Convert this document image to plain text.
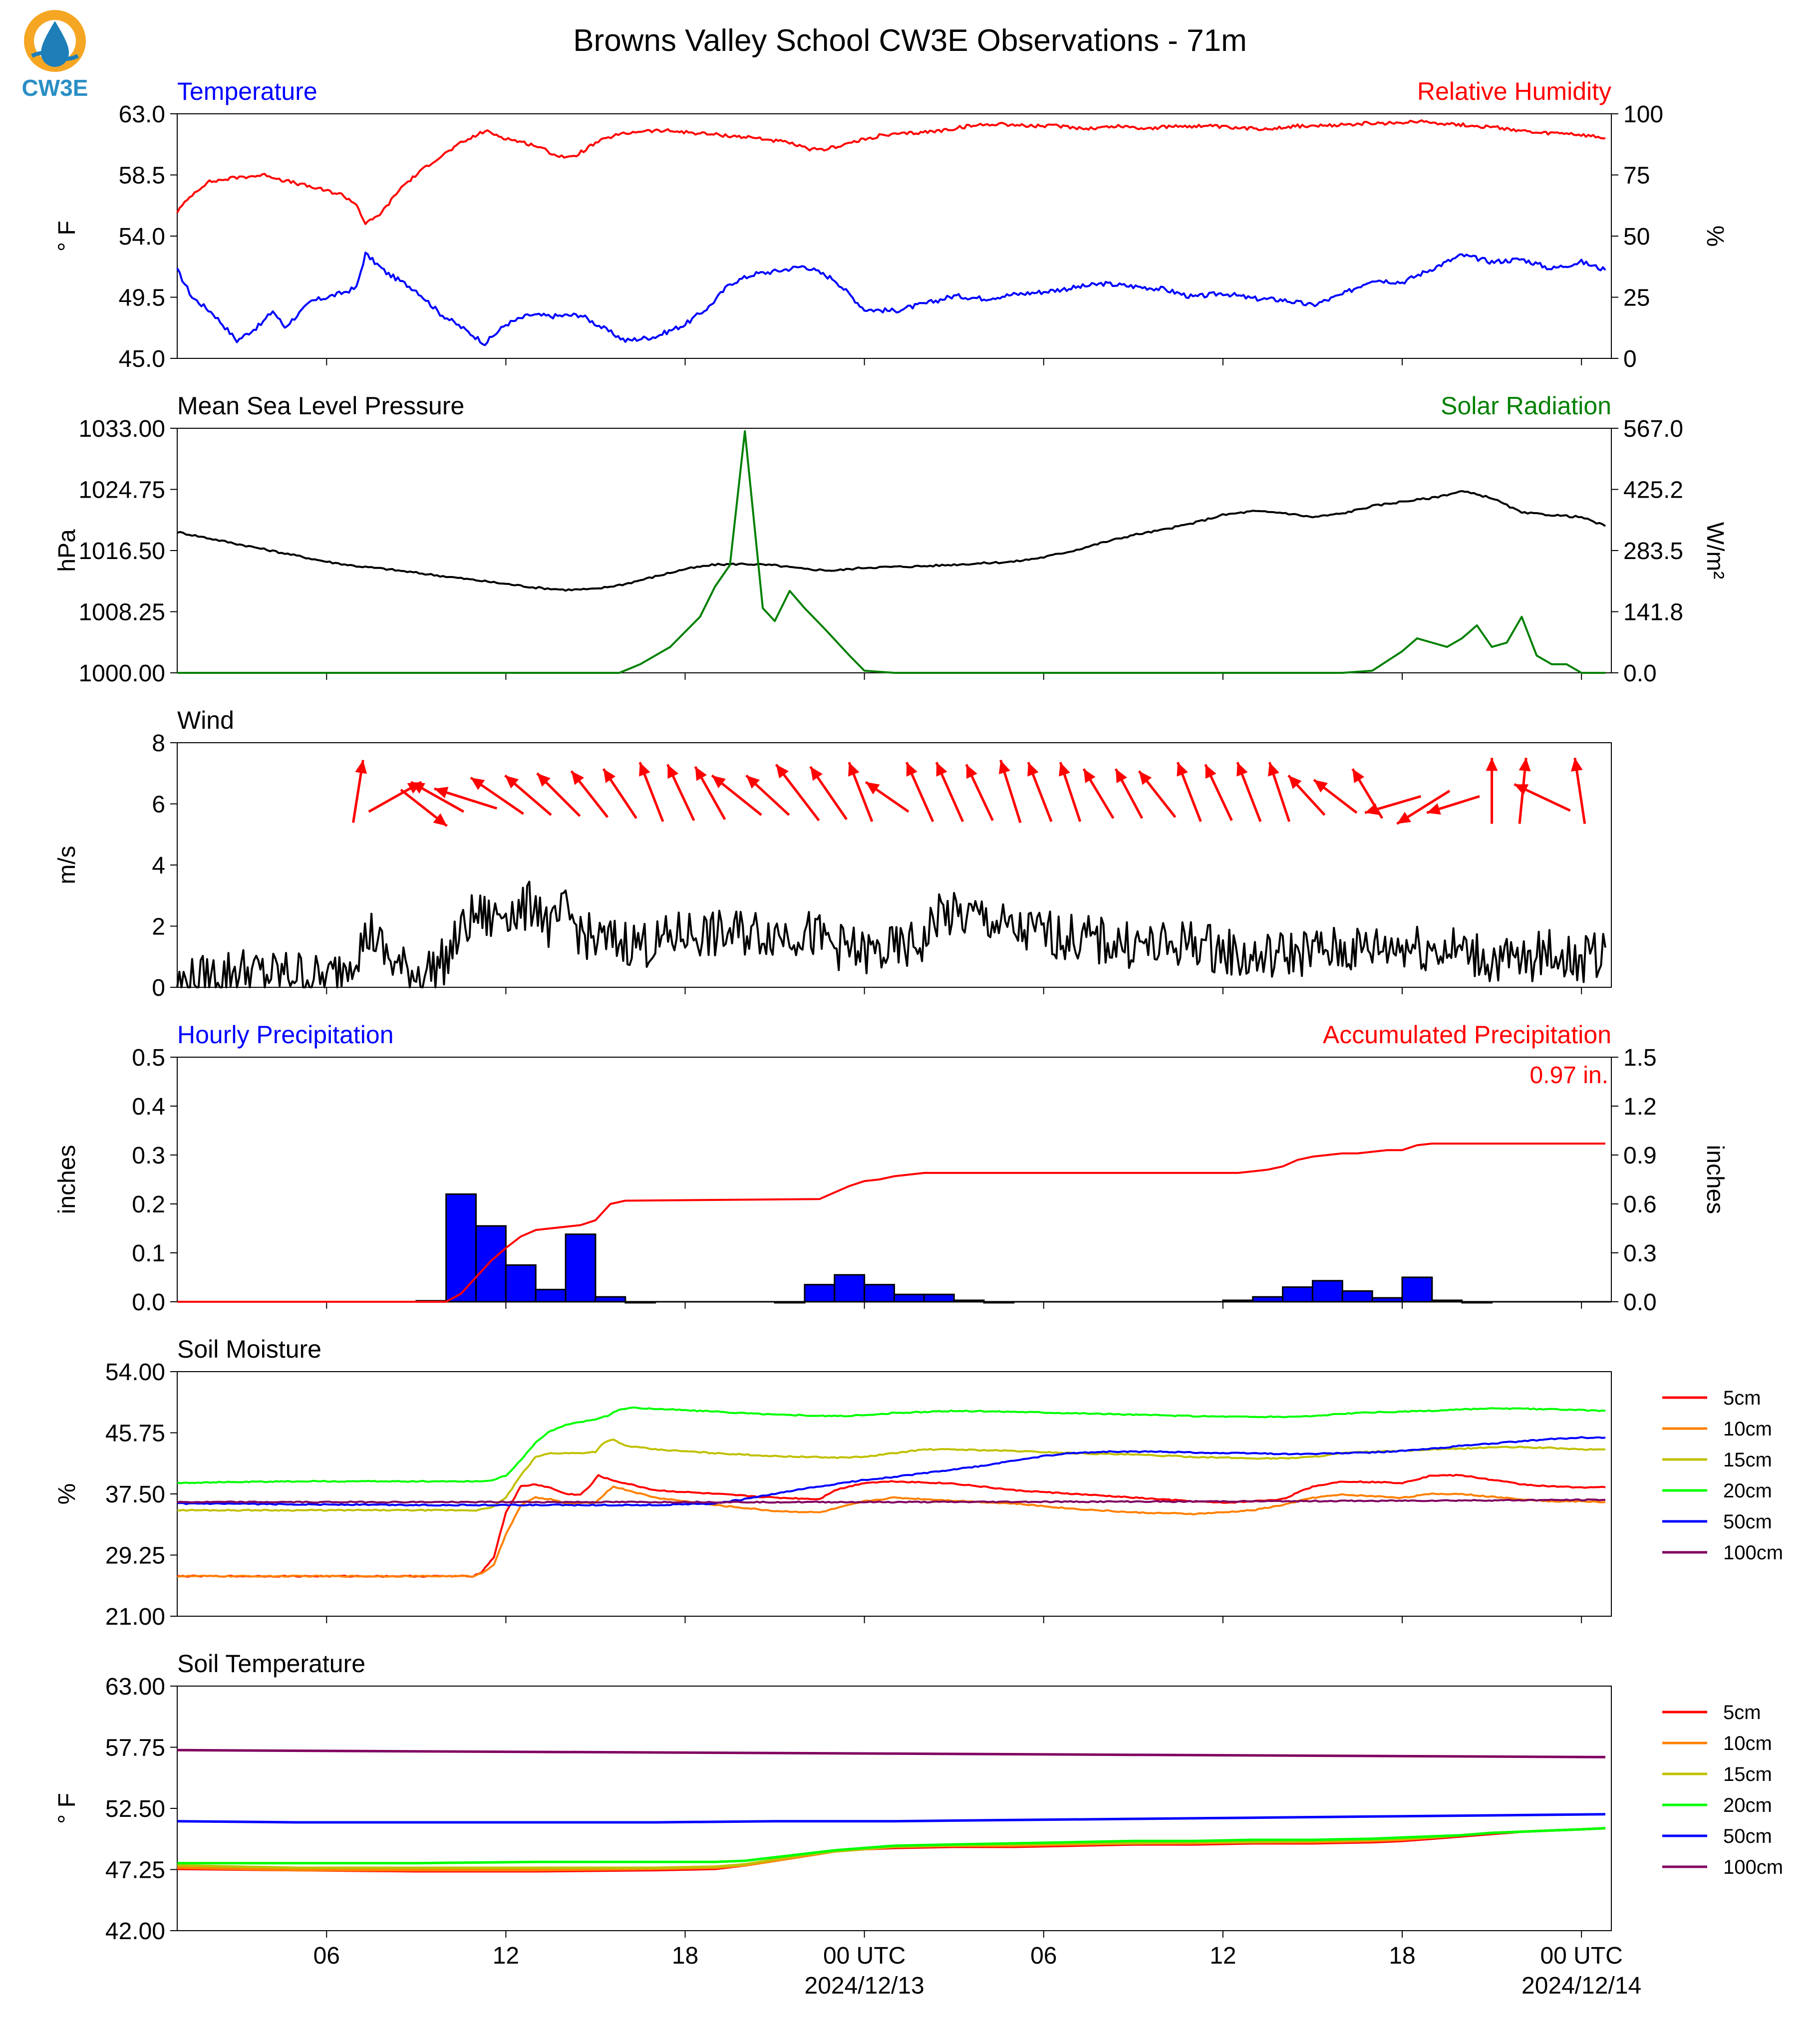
CW3E
Browns Valley School CW3E Observations - 71m
Temperature	Relative Humidity
63.0
58.5
54.0
49.5
45.0
° F
100
75
50
25
0
%
Mean Sea Level Pressure	Solar Radiation
1033.00
1024.75
1016.50
1008.25
1000.00
hPa
567.0
425.2
283.5
141.8
0.0
W/m²
Wind
8
6
4
2
0
m/s
Hourly Precipitation	Accumulated Precipitation
0.5
0.4
0.3
0.2
0.1
0.0
inches
1.5
1.2
0.9
0.6
0.3
0.0
inches
0.97 in.
Soil Moisture
54.00
45.75
37.50
29.25
21.00
%
5cm
10cm
15cm
20cm
50cm
100cm
Soil Temperature
63.00
57.75
52.50
47.25
42.00
° F
5cm
10cm
15cm
20cm
50cm
100cm
06	12	18	00 UTC	06	12	18	00 UTC
2024/12/13	2024/12/14
